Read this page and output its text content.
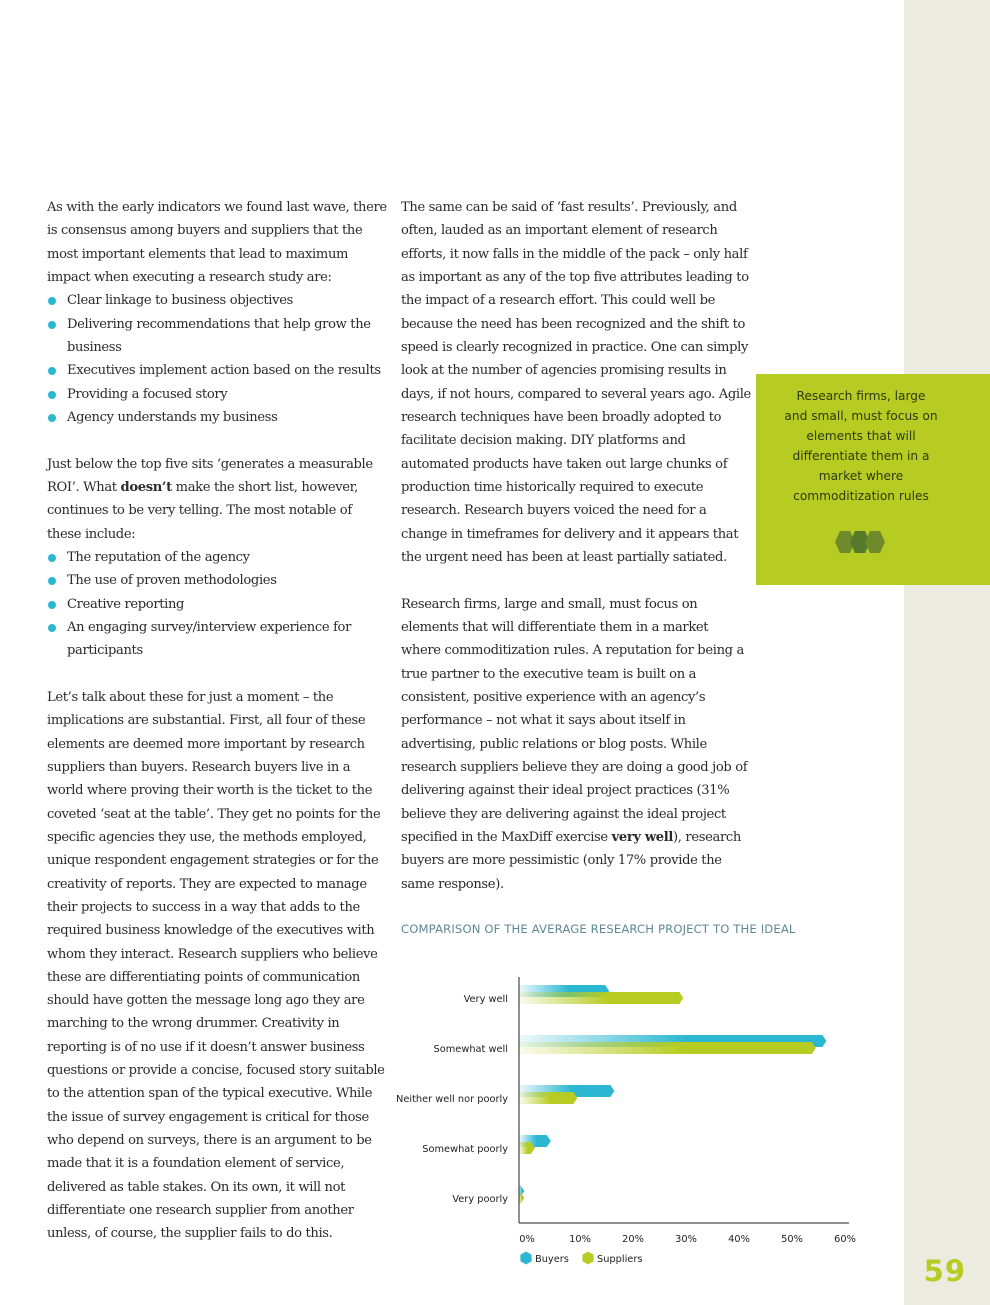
As with the early indicators we found last wave, there is consensus among buyers and suppliers that the most important elements that lead to maximum impact when executing a research study are:

Clear linkage to business objectives
Delivering recommendations that help grow the business
Executives implement action based on the results
Providing a focused story
Agency understands my business

Just below the top five sits ‘generates a measurable ROI’. What doesn’t make the short list, however, continues to be very telling. The most notable of these include:

The reputation of the agency
The use of proven methodologies
Creative reporting
An engaging survey/interview experience for participants

Let’s talk about these for just a moment – the implications are substantial. First, all four of these elements are deemed more important by research suppliers than buyers. Research buyers live in a world where proving their worth is the ticket to the coveted ‘seat at the table’. They get no points for the specific agencies they use, the methods employed, unique respondent engagement strategies or for the creativity of reports. They are expected to manage their projects to success in a way that adds to the required business knowledge of the executives with whom they interact. Research suppliers who believe these are differentiating points of communication should have gotten the message long ago they are marching to the wrong drummer. Creativity in reporting is of no use if it doesn’t answer business questions or provide a concise, focused story suitable to the attention span of the typical executive. While the issue of survey engagement is critical for those who depend on surveys, there is an argument to be made that it is a foundation element of service, delivered as table stakes. On its own, it will not differentiate one research supplier from another unless, of course, the supplier fails to do this.

The same can be said of ‘fast results’. Previously, and often, lauded as an important element of research efforts, it now falls in the middle of the pack – only half as important as any of the top five attributes leading to the impact of a research effort. This could well be because the need has been recognized and the shift to speed is clearly recognized in practice. One can simply look at the number of agencies promising results in days, if not hours, compared to several years ago. Agile research techniques have been broadly adopted to facilitate decision making. DIY platforms and automated products have taken out large chunks of production time historically required to execute research. Research buyers voiced the need for a change in timeframes for delivery and it appears that the urgent need has been at least partially satiated.

Research firms, large and small, must focus on elements that will differentiate them in a market where commoditization rules. A reputation for being a true partner to the executive team is built on a consistent, positive experience with an agency’s performance – not what it says about itself in advertising, public relations or blog posts. While research suppliers believe they are doing a good job of delivering against their ideal project practices (31% believe they are delivering against the ideal project specified in the MaxDiff exercise very well), research buyers are more pessimistic (only 17% provide the same response).

Research firms, large and small, must focus on elements that will differentiate them in a market where commoditization rules
COMPARISON OF THE AVERAGE RESEARCH PROJECT TO THE IDEAL
Very well
Somewhat well
Neither well nor poorly
Somewhat poorly
Very poorly
0%	10%	20%	30%	40%	50%	60%
Buyers	Suppliers	59
